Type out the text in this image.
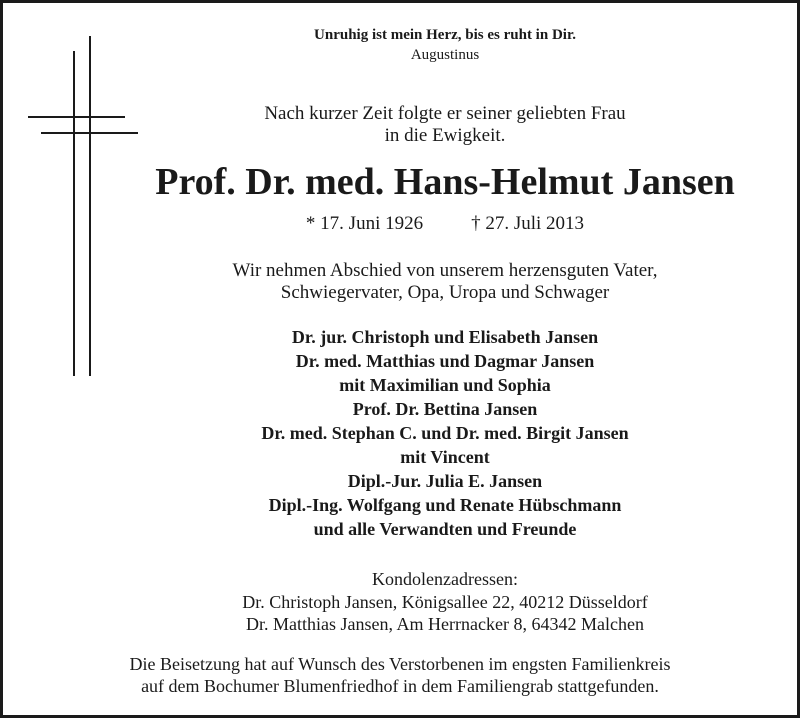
Unruhig ist mein Herz, bis es ruht in Dir.
Augustinus
Nach kurzer Zeit folgte er seiner geliebten Frau
in die Ewigkeit.
Prof. Dr. med. Hans-Helmut Jansen
* 17. Juni 1926	† 27. Juli 2013
Wir nehmen Abschied von unserem herzensguten Vater,
Schwiegervater, Opa, Uropa und Schwager
Dr. jur. Christoph und Elisabeth Jansen
Dr. med. Matthias und Dagmar Jansen
mit Maximilian und Sophia
Prof. Dr. Bettina Jansen
Dr. med. Stephan C. und Dr. med. Birgit Jansen
mit Vincent
Dipl.-Jur. Julia E. Jansen
Dipl.-Ing. Wolfgang und Renate Hübschmann
und alle Verwandten und Freunde
Kondolenzadressen:
Dr. Christoph Jansen, Königsallee 22, 40212 Düsseldorf
Dr. Matthias Jansen, Am Herrnacker 8, 64342 Malchen
Die Beisetzung hat auf Wunsch des Verstorbenen im engsten Familienkreis
auf dem Bochumer Blumenfriedhof in dem Familiengrab stattgefunden.
